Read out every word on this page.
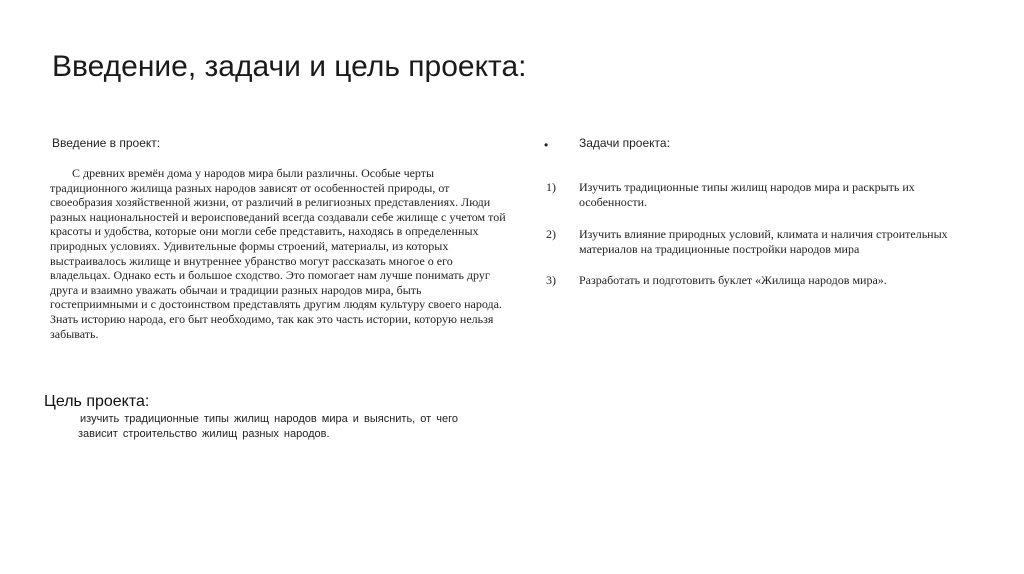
Введение, задачи и цель проекта:
Введение в проект:

С древних времён дома у народов мира были различны. Особые черты традиционного жилища разных народов зависят от особенностей природы, от своеобразия хозяйственной жизни, от различий в религиозных представлениях. Люди разных национальностей и вероисповеданий всегда создавали себе жилище с учетом той красоты и удобства, которые они могли себе представить, находясь в определенных природных условиях. Удивительные формы строений, материалы, из которых выстраивалось жилище и внутреннее убранство могут рассказать многое о его владельцах. Однако есть и большое сходство. Это помогает нам лучше понимать друг друга и взаимно уважать обычаи и традиции разных народов мира, быть гостеприимными и с достоинством представлять другим людям культуру своего народа. Знать историю народа, его быт необходимо, так как это часть истории, которую нельзя забывать.

Цель проекта:

изучить традиционные типы жилищ народов мира и выяснить, от чего зависит строительство жилищ разных народов.

•	Задачи проекта:
1) Изучить традиционные типы жилищ народов мира и раскрыть их особенности.
2) Изучить влияние природных условий, климата и наличия строительных материалов на традиционные постройки народов мира
3) Разработать и подготовить буклет «Жилища народов мира».
